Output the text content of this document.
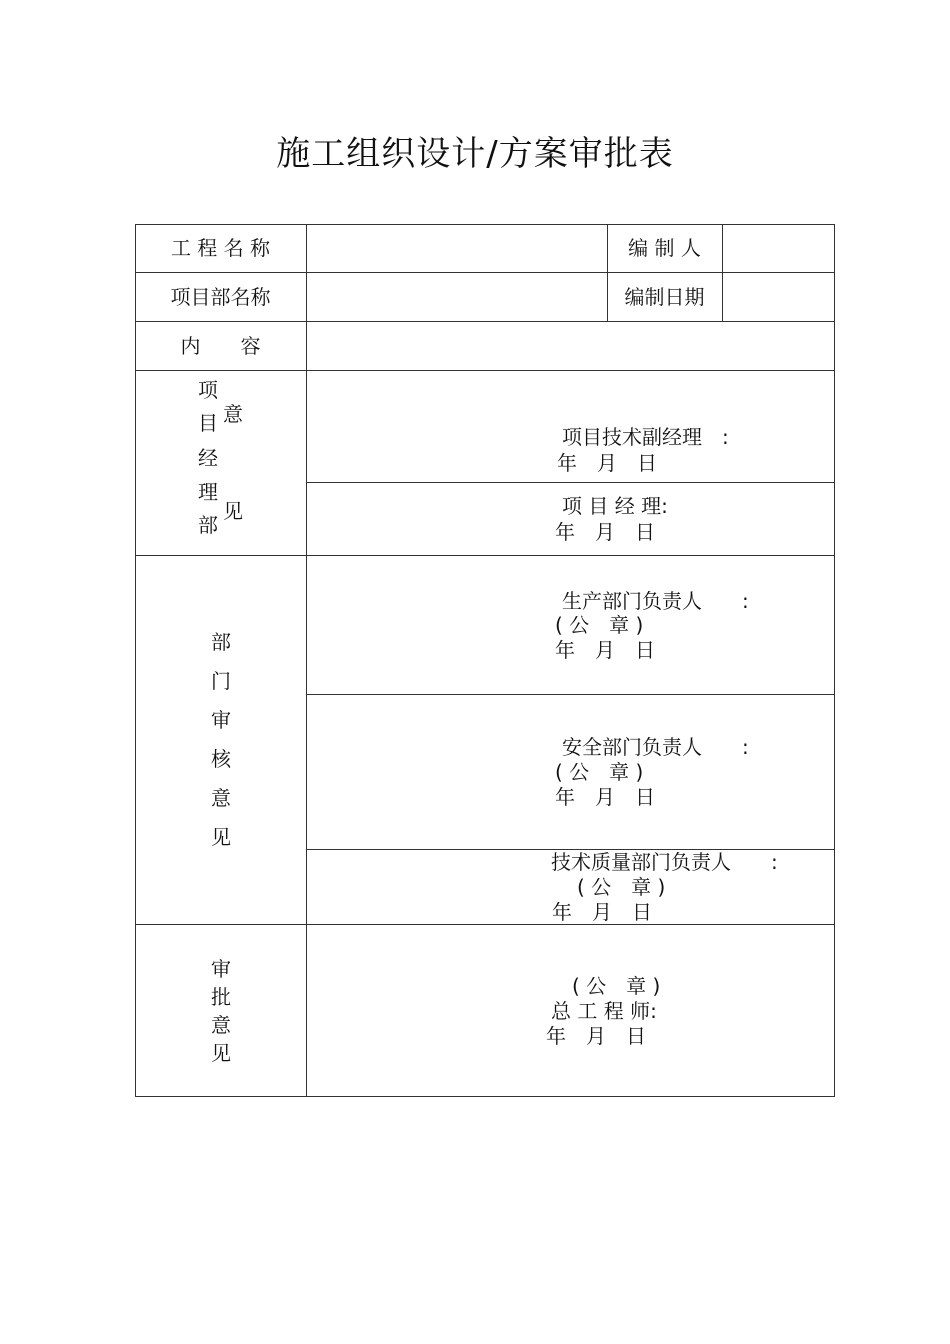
施工组织设计/方案审批表
工 程 名 称	编 制 人
项目部名称	编制日期
内　　容
项
目
经
理
部
意
见
项目技术副经理　:
年　月　日
项 目 经 理:
年　月　日
部
门
审
核
意
见
生产部门负责人　　:
( 公　章 )
年　月　日
安全部门负责人　　:
( 公　章 )
年　月　日
技术质量部门负责人　　:
( 公　章 )
年　月　日
审
批
意
见
( 公　章 )
总 工 程 师:
年　月　日
